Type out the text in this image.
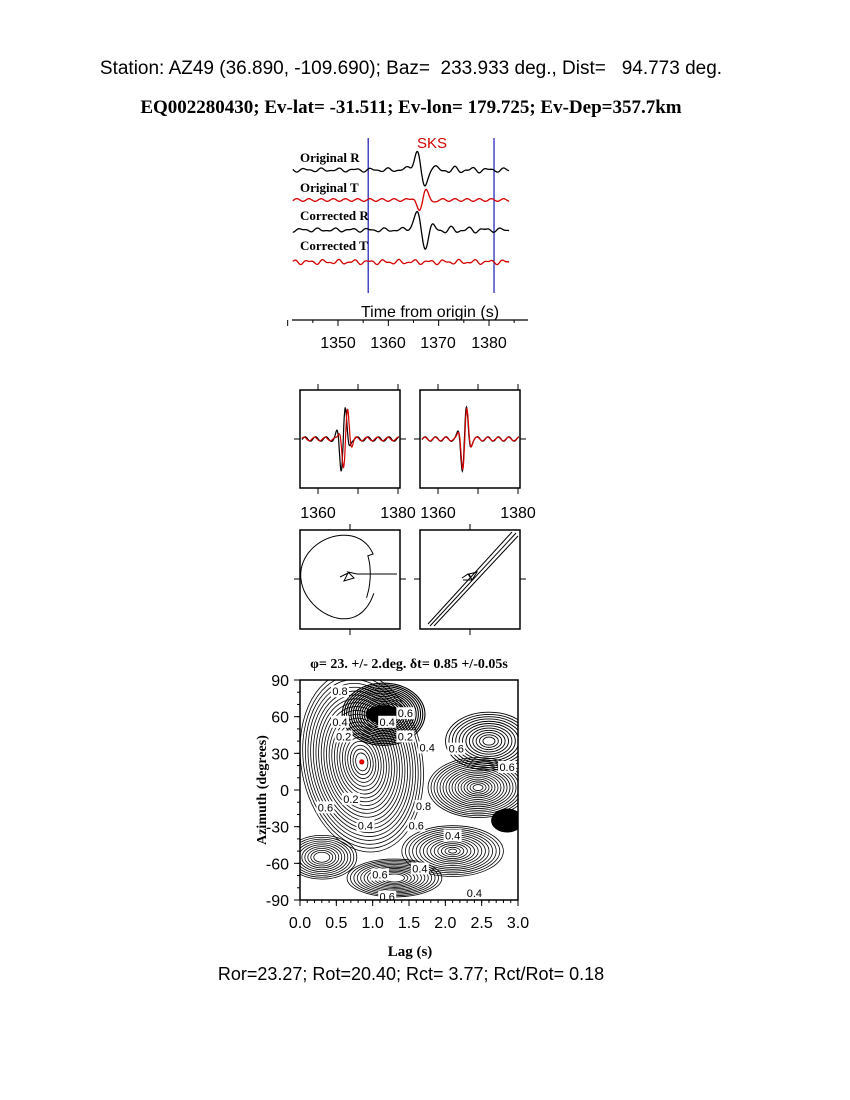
Station: AZ49 (36.890, -109.690); Baz=  233.933 deg., Dist=   94.773 deg.
EQ002280430; Ev-lat= -31.511; Ev-lon= 179.725; Ev-Dep=357.7km
SKS
Original R
Original T
Corrected R
Corrected T
Time from origin (s)
1350 1360 1370 1380
1360	1380 1360	1380
φ= 23. +/- 2.deg. δt= 0.85 +/-0.05s
0.8
0.6
0.4	0.4
0.2	0.2
0.4 0.6
0.6
0.2
0.4
0.8
0.6
0.4
0.4
0.6
0.6
0.6	0.4
90
60
30
0
-30
-60
-90
0.0 0.5 1.0 1.5 2.0 2.5 3.0
Lag (s)
Azimuth (degrees)
Ror=23.27; Rot=20.40; Rct= 3.77; Rct/Rot= 0.18
